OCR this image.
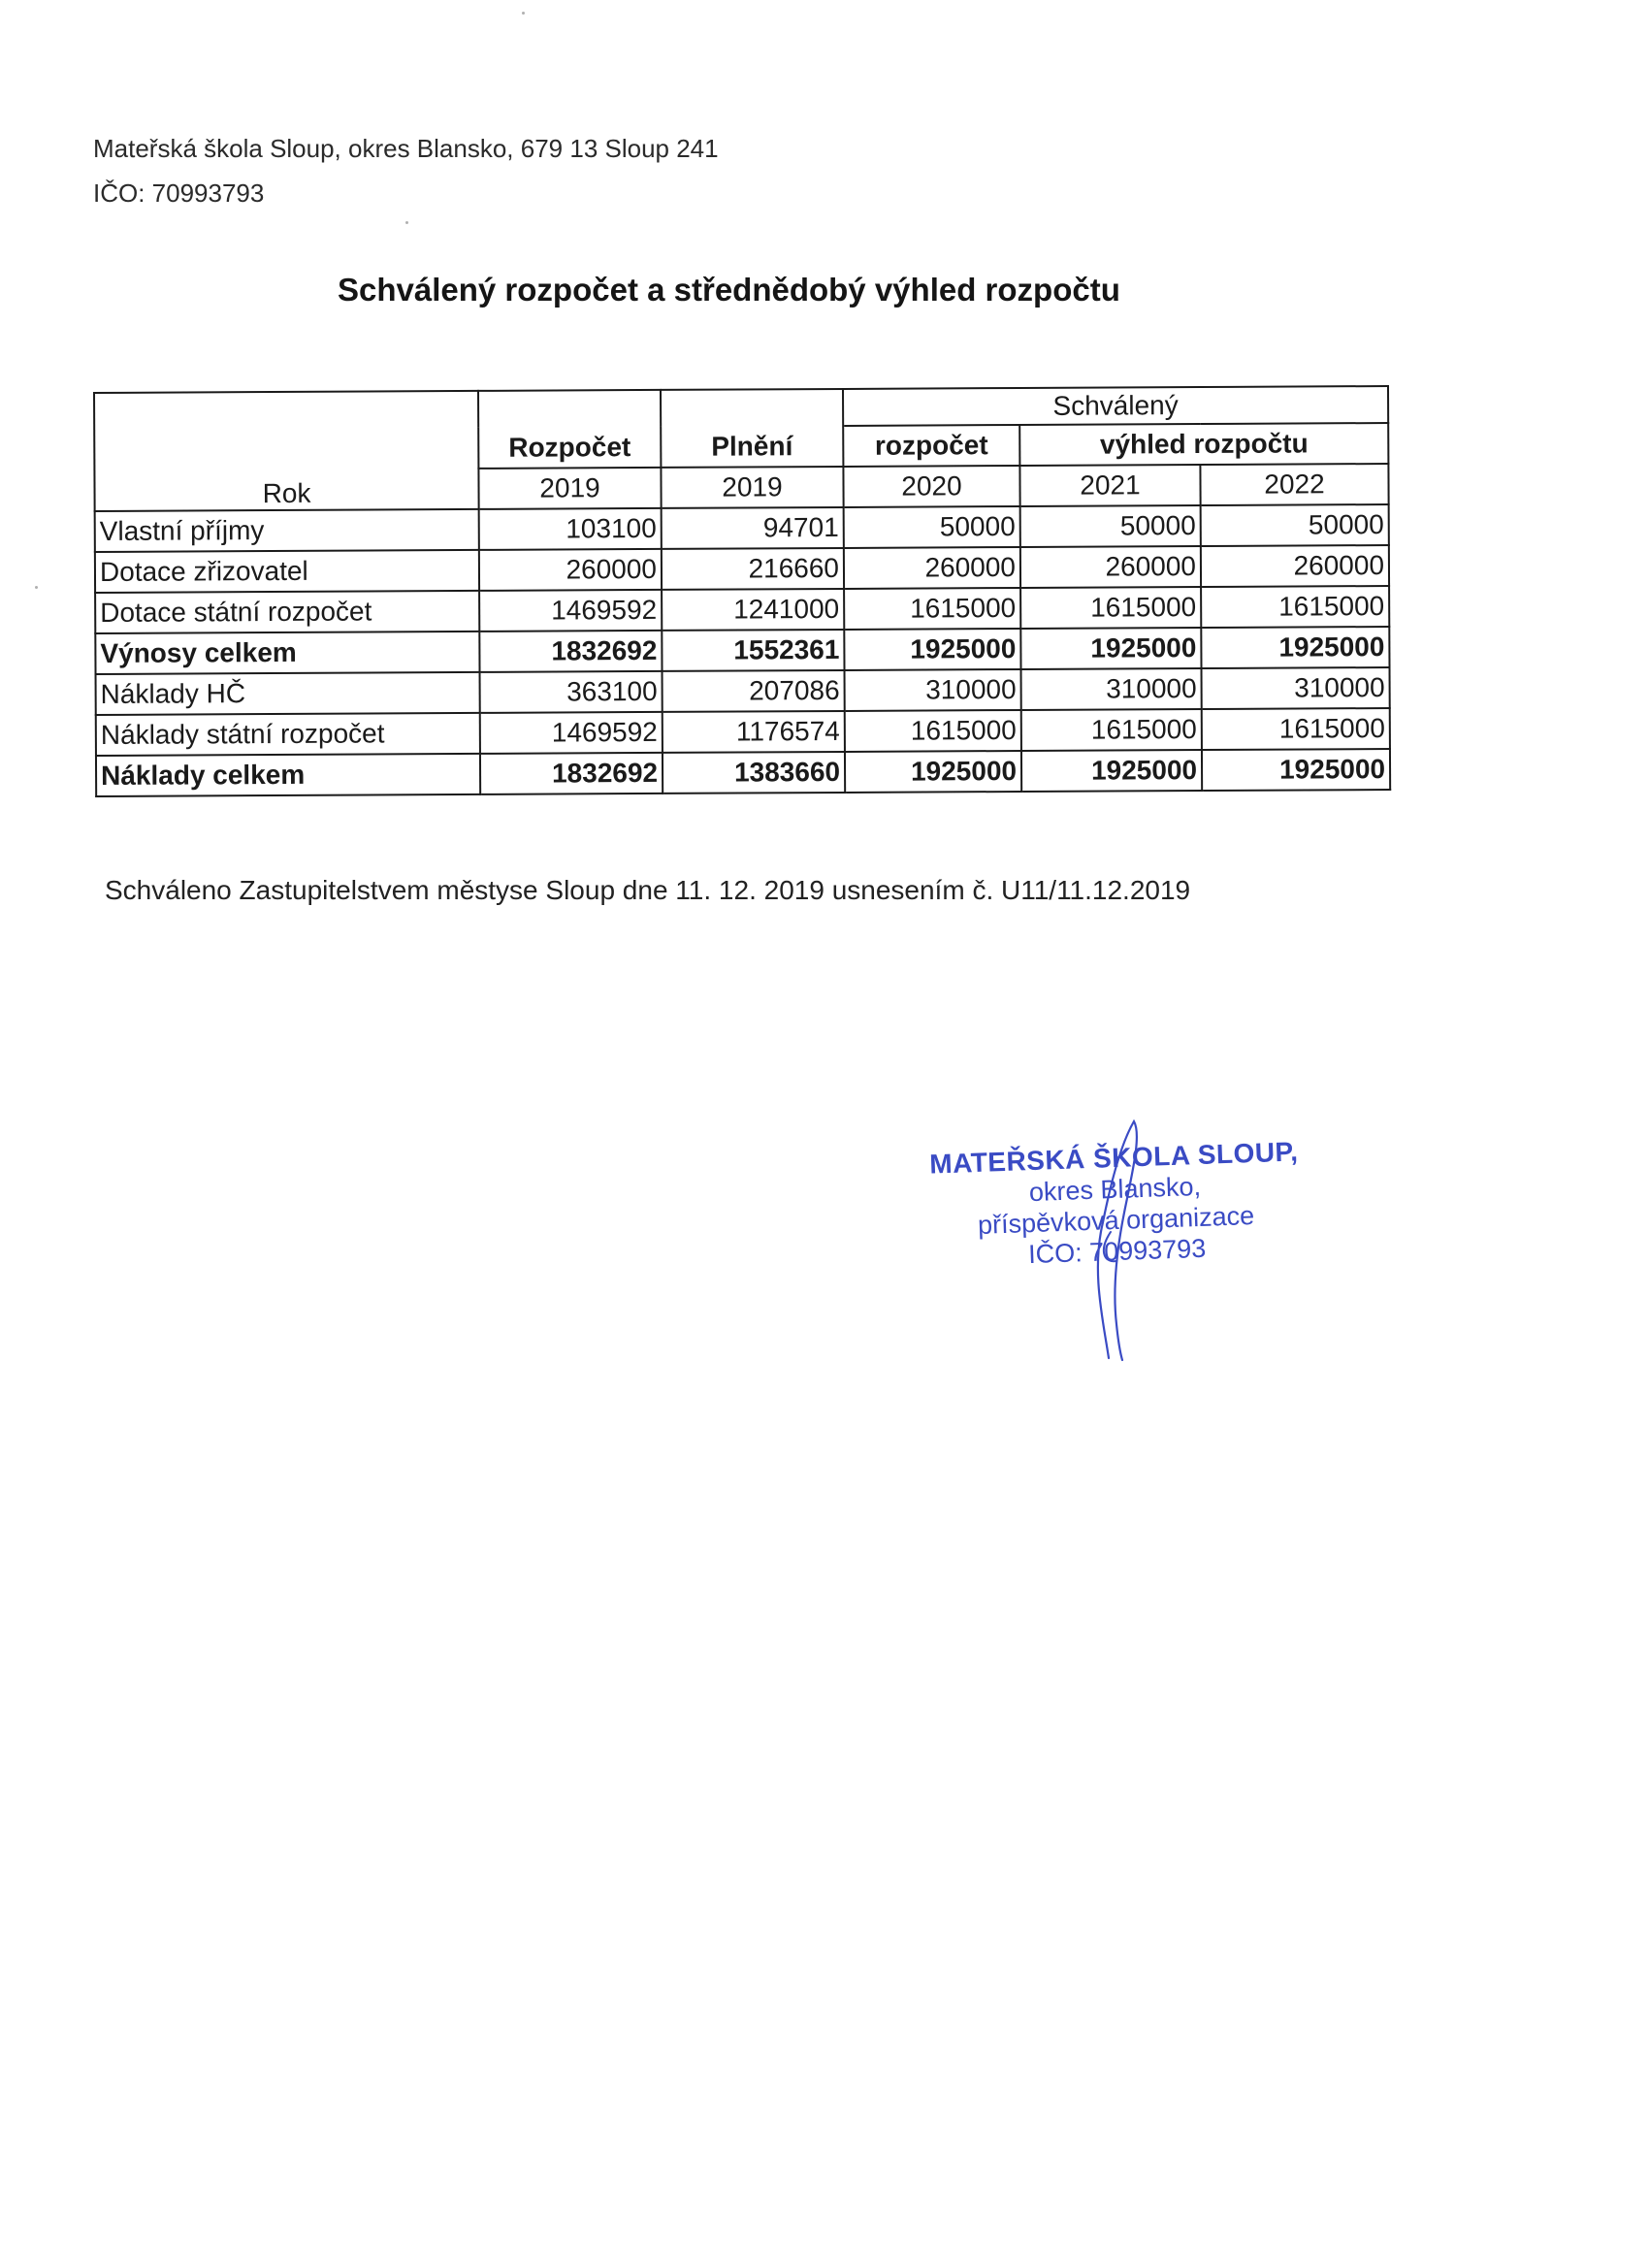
Mateřská škola Sloup, okres Blansko, 679 13 Sloup 241
IČO: 70993793
Schválený rozpočet a střednědobý výhled rozpočtu
Rok			Schválený		
	Rozpočet	Plnění	rozpočet	výhled rozpočtu	
	2019	2019	2020	2021	2022
Vlastní příjmy	103100	94701	50000	50000	50000
Dotace zřizovatel	260000	216660	260000	260000	260000
Dotace státní rozpočet	1469592	1241000	1615000	1615000	1615000
Výnosy celkem	1832692	1552361	1925000	1925000	1925000
Náklady HČ	363100	207086	310000	310000	310000
Náklady státní rozpočet	1469592	1176574	1615000	1615000	1615000
Náklady celkem	1832692	1383660	1925000	1925000	1925000
Schváleno Zastupitelstvem městyse Sloup dne 11. 12. 2019 usnesením č. U11/11.12.2019
MATEŘSKÁ ŠKOLA SLOUP,
okres Blansko,
příspěvková organizace
IČO: 70993793
